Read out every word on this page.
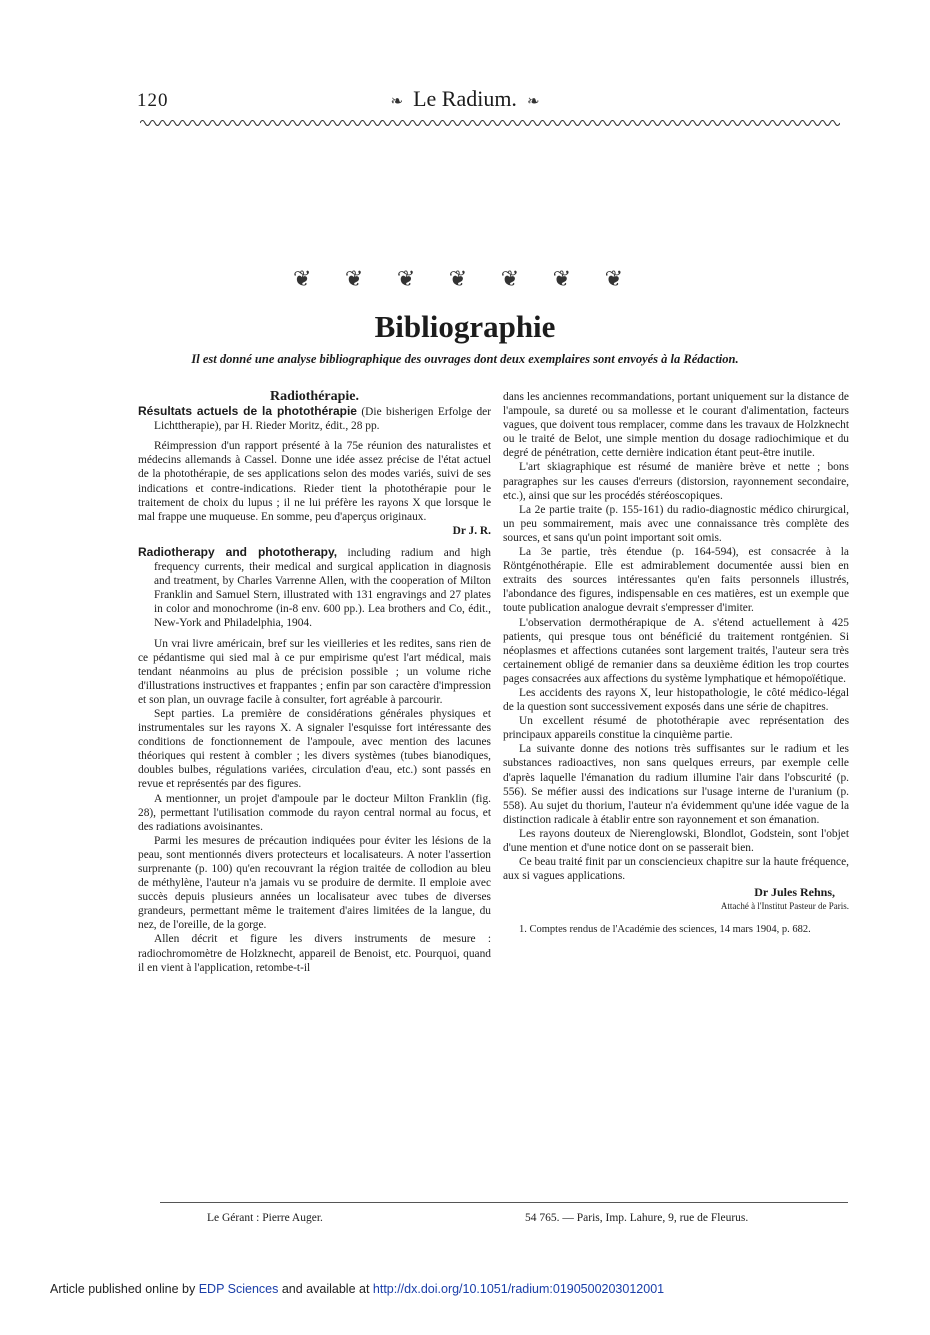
120	❧ Le Radium. ❧
❦ ❦ ❦ ❦ ❦ ❦ ❦
Bibliographie
Il est donné une analyse bibliographique des ouvrages dont deux exemplaires sont envoyés à la Rédaction.

Radiothérapie.

Résultats actuels de la photothérapie (Die bisherigen Erfolge der Lichttherapie), par H. Rieder Moritz, édit., 28 pp.

Réimpression d'un rapport présenté à la 75e réunion des naturalistes et médecins allemands à Cassel. Donne une idée assez précise de l'état actuel de la photothérapie, de ses applications selon des modes variés, suivi de ses indications et contre-indications. Rieder tient la photothérapie pour le traitement de choix du lupus ; il ne lui préfère les rayons X que lorsque le mal frappe une muqueuse. En somme, peu d'aperçus originaux.

Dr J. R.

Radiotherapy and phototherapy, including radium and high frequency currents, their medical and surgical application in diagnosis and treatment, by Charles Varrenne Allen, with the cooperation of Milton Franklin and Samuel Stern, illustrated with 131 engravings and 27 plates in color and monochrome (in-8 env. 600 pp.). Lea brothers and Co, édit., New-York and Philadelphia, 1904.

Un vrai livre américain, bref sur les vieilleries et les redites, sans rien de ce pédantisme qui sied mal à ce pur empirisme qu'est l'art médical, mais tendant néanmoins au plus de précision possible ; un volume riche d'illustrations instructives et frappantes ; enfin par son caractère d'impression et son plan, un ouvrage facile à consulter, fort agréable à parcourir.

Sept parties. La première de considérations générales physiques et instrumentales sur les rayons X. A signaler l'esquisse fort intéressante des conditions de fonctionnement de l'ampoule, avec mention des lacunes théoriques qui restent à combler ; les divers systèmes (tubes bianodiques, doubles bulbes, régulations variées, circulation d'eau, etc.) sont passés en revue et représentés par des figures.

A mentionner, un projet d'ampoule par le docteur Milton Franklin (fig. 28), permettant l'utilisation commode du rayon central normal au focus, et des radiations avoisinantes.

Parmi les mesures de précaution indiquées pour éviter les lésions de la peau, sont mentionnés divers protecteurs et localisateurs. A noter l'assertion surprenante (p. 100) qu'en recouvrant la région traitée de collodion au bleu de méthylène, l'auteur n'a jamais vu se produire de dermite. Il emploie avec succès depuis plusieurs années un localisateur avec tubes de diverses grandeurs, permettant même le traitement d'aires limitées de la langue, du nez, de l'oreille, de la gorge.

Allen décrit et figure les divers instruments de mesure : radiochromomètre de Holzknecht, appareil de Benoist, etc. Pourquoi, quand il en vient à l'application, retombe-t-il

dans les anciennes recommandations, portant uniquement sur la distance de l'ampoule, sa dureté ou sa mollesse et le courant d'alimentation, facteurs vagues, que doivent tous remplacer, comme dans les travaux de Holzknecht ou le traité de Belot, une simple mention du dosage radiochimique et du degré de pénétration, cette dernière indication étant peut-être inutile.

L'art skiagraphique est résumé de manière brève et nette ; bons paragraphes sur les causes d'erreurs (distorsion, rayonnement secondaire, etc.), ainsi que sur les procédés stéréoscopiques.

La 2e partie traite (p. 155-161) du radio-diagnostic médico chirurgical, un peu sommairement, mais avec une connaissance très complète des sources, et sans qu'un point important soit omis.

La 3e partie, très étendue (p. 164-594), est consacrée à la Röntgénothérapie. Elle est admirablement documentée aussi bien en extraits des sources intéressantes qu'en faits personnels illustrés, l'abondance des figures, indispensable en ces matières, est un exemple que toute publication analogue devrait s'empresser d'imiter.

L'observation dermothérapique de A. s'étend actuellement à 425 patients, qui presque tous ont bénéficié du traitement rontgénien. Si néoplasmes et affections cutanées sont largement traités, l'auteur sera très certainement obligé de remanier dans sa deuxième édition les trop courtes pages consacrées aux affections du système lymphatique et hémopoïétique.

Les accidents des rayons X, leur histopathologie, le côté médico-légal de la question sont successivement exposés dans une série de chapitres.

Un excellent résumé de photothérapie avec représentation des principaux appareils constitue la cinquième partie.

La suivante donne des notions très suffisantes sur le radium et les substances radioactives, non sans quelques erreurs, par exemple celle d'après laquelle l'émanation du radium illumine l'air dans l'obscurité (p. 556). Se méfier aussi des indications sur l'usage interne de l'uranium (p. 558). Au sujet du thorium, l'auteur n'a évidemment qu'une idée vague de la distinction radicale à établir entre son rayonnement et son émanation.

Les rayons douteux de Nierenglowski, Blondlot, Godstein, sont l'objet d'une mention et d'une notice dont on se passerait bien.

Ce beau traité finit par un consciencieux chapitre sur la haute fréquence, aux si vagues applications.

Dr Jules Rehns,

Attaché à l'Institut Pasteur de Paris.

1. Comptes rendus de l'Académie des sciences, 14 mars 1904, p. 682.

Le Gérant : Pierre Auger.	54 765. — Paris, Imp. Lahure, 9, rue de Fleurus.
Article published online by EDP Sciences and available at http://dx.doi.org/10.1051/radium:0190500203012001
